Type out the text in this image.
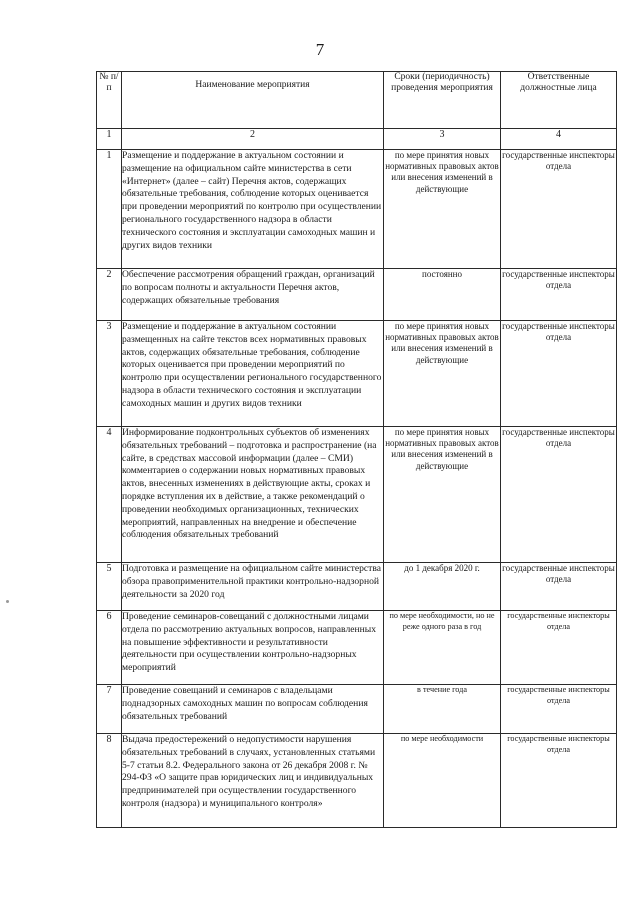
7
№ п/п	Наименование мероприятия	Сроки (периодичность) проведения мероприятия	Ответственные должностные лица
1	2	3	4
1	Размещение и поддержание в актуальном состоянии и размещение на официальном сайте министерства в сети «Интернет» (далее – сайт) Перечня актов, содержащих обязательные требования, соблюдение которых оценивается при проведении мероприятий по контролю при осуществлении регионального государственного надзора в области технического состояния и эксплуатации самоходных машин и других видов техники	по мере принятия новых нормативных правовых актов или внесения изменений в действующие	государственные инспекторы отдела
2	Обеспечение рассмотрения обращений граждан, организаций по вопросам полноты и актуальности Перечня актов, содержащих обязательные требования	постоянно	государственные инспекторы отдела
3	Размещение и поддержание в актуальном состоянии размещенных на сайте текстов всех нормативных правовых актов, содержащих обязательные требования, соблюдение которых оценивается при проведении мероприятий по контролю при осуществлении регионального государственного надзора в области технического состояния и эксплуатации самоходных машин и других видов техники	по мере принятия новых нормативных правовых актов или внесения изменений в действующие	государственные инспекторы отдела
4	Информирование подконтрольных субъектов об изменениях обязательных требований – подготовка и распространение (на сайте, в средствах массовой информации (далее – СМИ) комментариев о содержании новых нормативных правовых актов, внесенных изменениях в действующие акты, сроках и порядке вступления их в действие, а также рекомендаций о проведении необходимых организационных, технических мероприятий, направленных на внедрение и обеспечение соблюдения обязательных требований	по мере принятия новых нормативных правовых актов или внесения изменений в действующие	государственные инспекторы отдела
5	Подготовка и размещение на официальном сайте министерства обзора правоприменительной практики контрольно-надзорной деятельности за 2020 год	до 1 декабря 2020 г.	государственные инспекторы отдела
6	Проведение семинаров-совещаний с должностными лицами отдела по рассмотрению актуальных вопросов, направленных на повышение эффективности и результативности деятельности при осуществлении контрольно-надзорных мероприятий	по мере необходимости, но не реже одного раза в год	государственные инспекторы отдела
7	Проведение совещаний и семинаров с владельцами поднадзорных самоходных машин по вопросам соблюдения обязательных требований	в течение года	государственные инспекторы отдела
8	Выдача предостережений о недопустимости нарушения обязательных требований в случаях, установленных статьями 5-7 статьи 8.2. Федерального закона от 26 декабря 2008 г. № 294-ФЗ «О защите прав юридических лиц и индивидуальных предпринимателей при осуществлении государственного контроля (надзора) и муниципального контроля»	по мере необходимости	государственные инспекторы отдела
